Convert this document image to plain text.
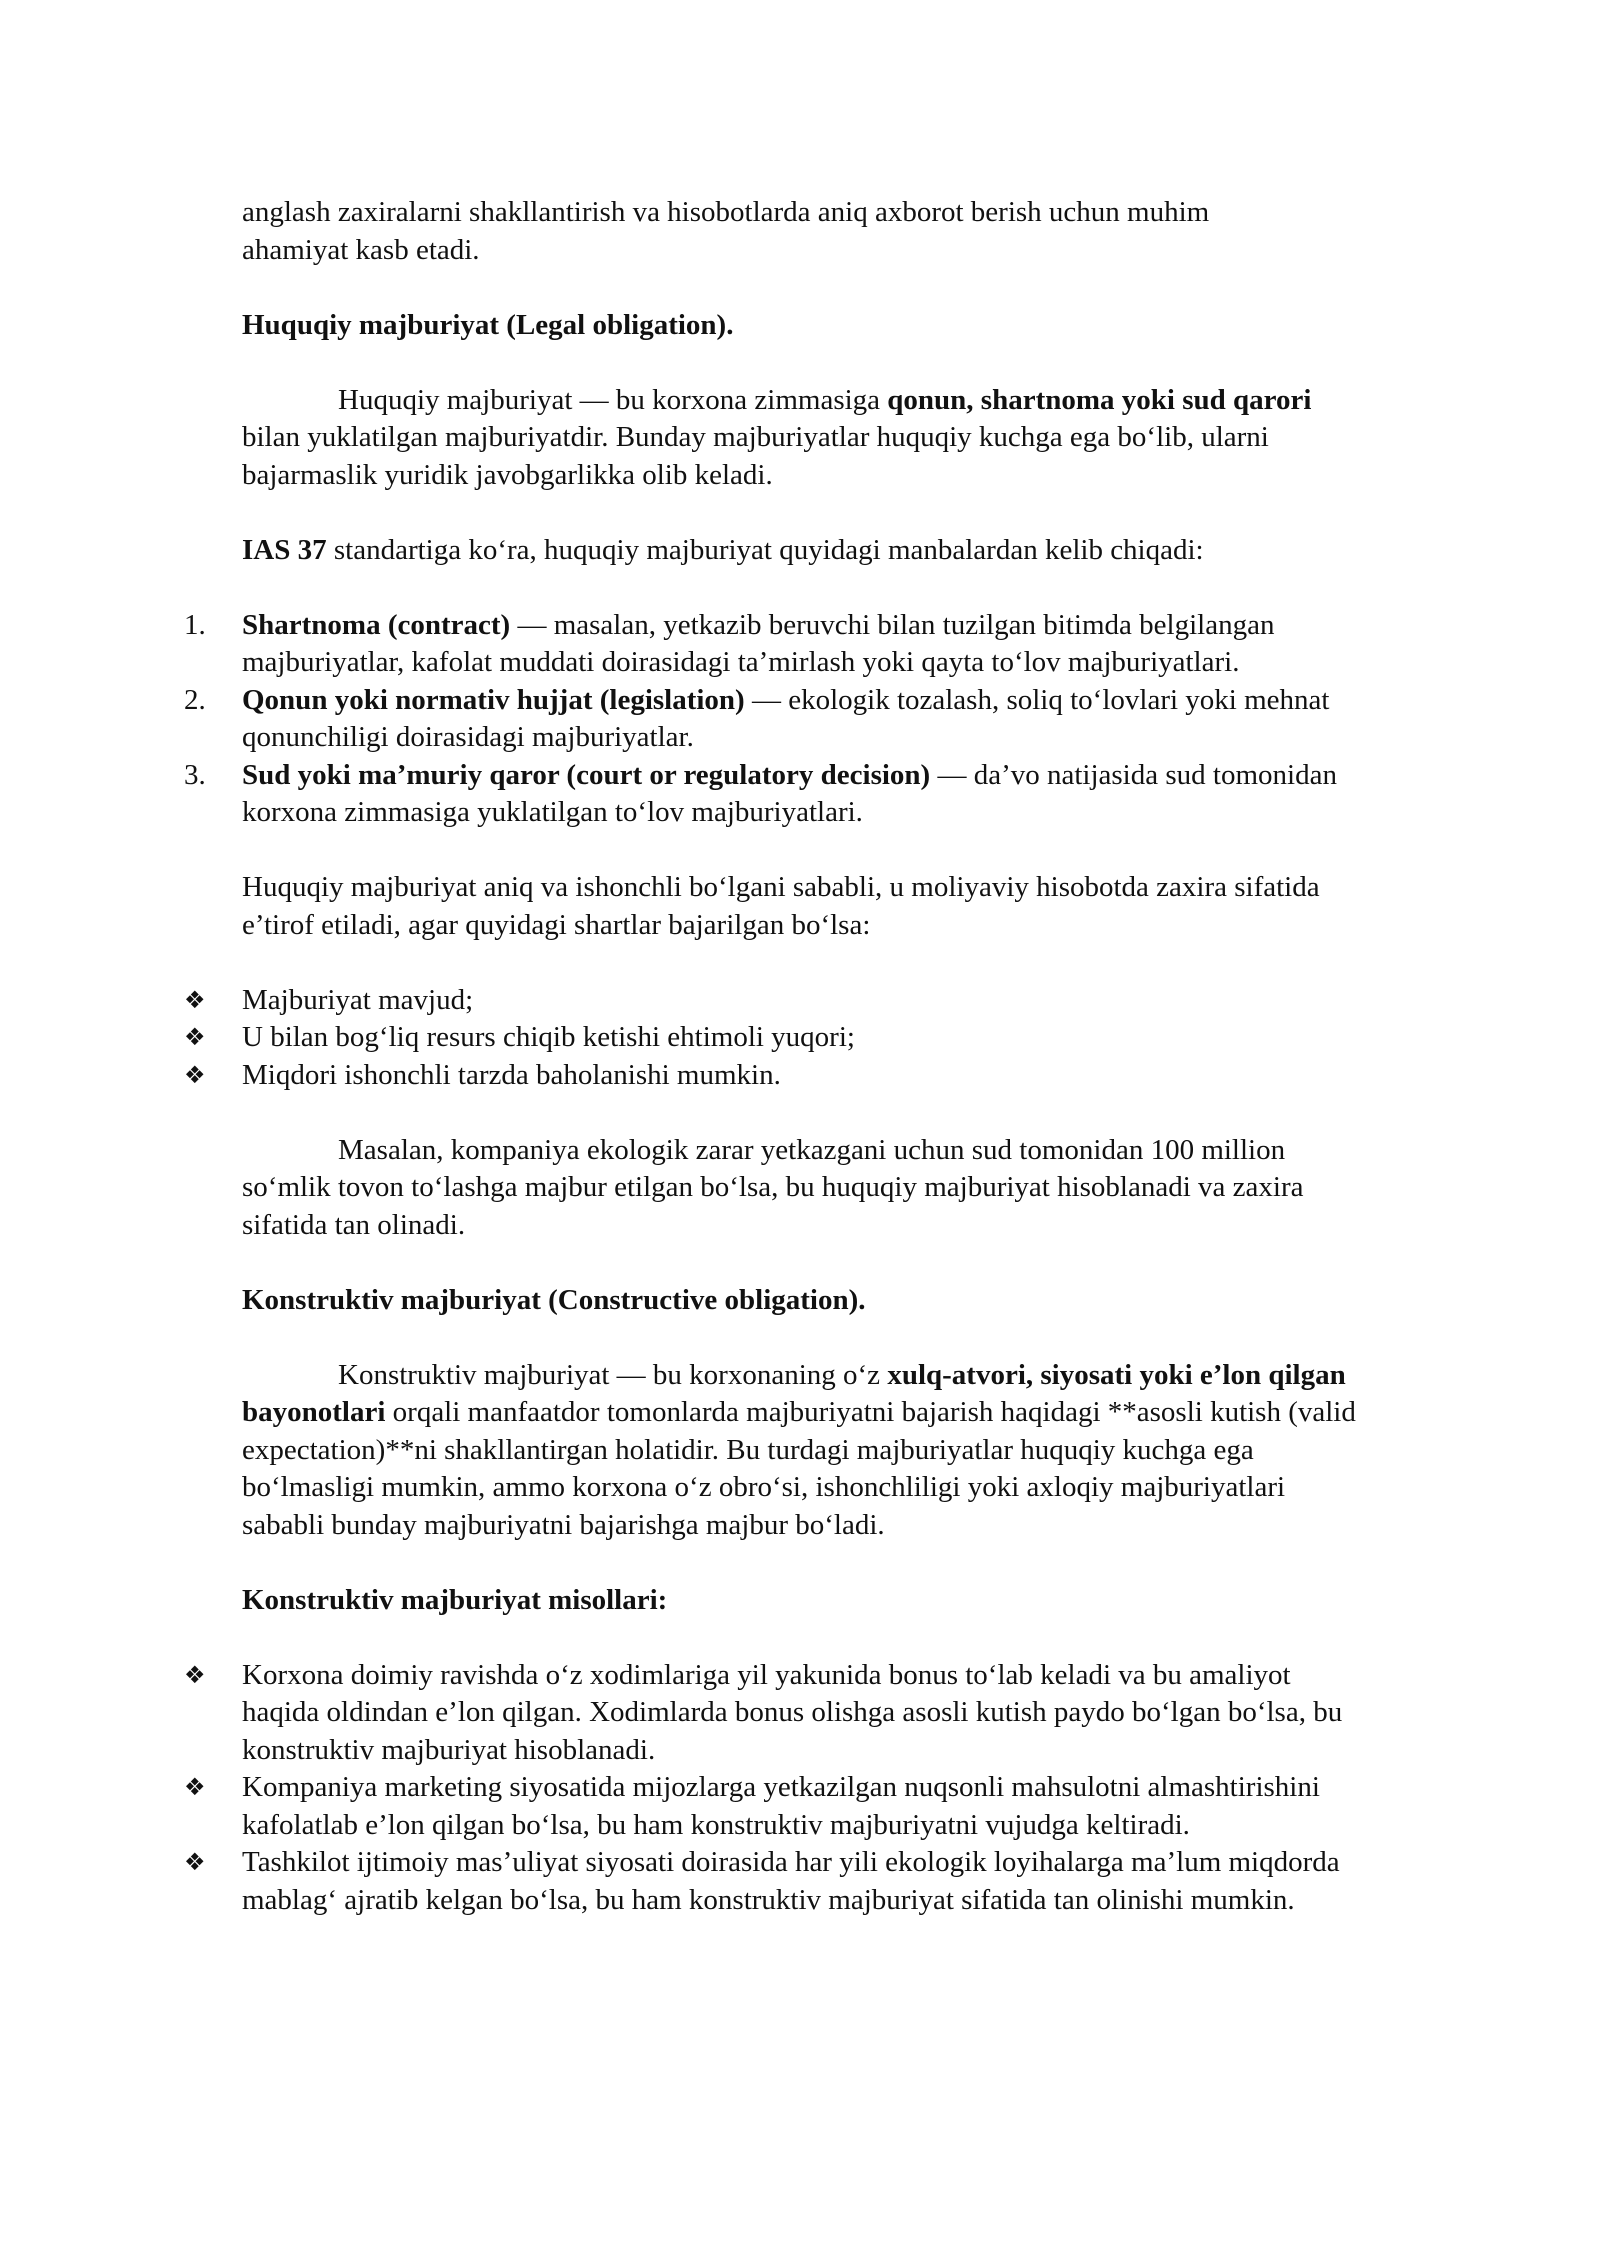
anglash zaxiralarni shakllantirish va hisobotlarda aniq axborot berish uchun muhim
ahamiyat kasb etadi.

Huquqiy majburiyat (Legal obligation).

Huquqiy majburiyat — bu korxona zimmasiga qonun, shartnoma yoki sud qarori bilan yuklatilgan majburiyatdir. Bunday majburiyatlar huquqiy kuchga ega bo‘lib, ularni bajarmaslik yuridik javobgarlikka olib keladi.

IAS 37 standartiga ko‘ra, huquqiy majburiyat quyidagi manbalardan kelib chiqadi:

1.	Shartnoma (contract) — masalan, yetkazib beruvchi bilan tuzilgan bitimda belgilangan majburiyatlar, kafolat muddati doirasidagi ta’mirlash yoki qayta to‘lov majburiyatlari.
2.	Qonun yoki normativ hujjat (legislation) — ekologik tozalash, soliq to‘lovlari yoki mehnat qonunchiligi doirasidagi majburiyatlar.
3.	Sud yoki ma’muriy qaror (court or regulatory decision) — da’vo natijasida sud tomonidan korxona zimmasiga yuklatilgan to‘lov majburiyatlari.

Huquqiy majburiyat aniq va ishonchli bo‘lgani sababli, u moliyaviy hisobotda zaxira sifatida e’tirof etiladi, agar quyidagi shartlar bajarilgan bo‘lsa:

❖	Majburiyat mavjud;
❖	U bilan bog‘liq resurs chiqib ketishi ehtimoli yuqori;
❖	Miqdori ishonchli tarzda baholanishi mumkin.

Masalan, kompaniya ekologik zarar yetkazgani uchun sud tomonidan 100 million so‘mlik tovon to‘lashga majbur etilgan bo‘lsa, bu huquqiy majburiyat hisoblanadi va zaxira sifatida tan olinadi.

Konstruktiv majburiyat (Constructive obligation).

Konstruktiv majburiyat — bu korxonaning o‘z xulq-atvori, siyosati yoki e’lon qilgan bayonotlari orqali manfaatdor tomonlarda majburiyatni bajarish haqidagi **asosli kutish (valid expectation)**ni shakllantirgan holatidir. Bu turdagi majburiyatlar huquqiy kuchga ega bo‘lmasligi mumkin, ammo korxona o‘z obro‘si, ishonchliligi yoki axloqiy majburiyatlari sababli bunday majburiyatni bajarishga majbur bo‘ladi.

Konstruktiv majburiyat misollari:

❖	Korxona doimiy ravishda o‘z xodimlariga yil yakunida bonus to‘lab keladi va bu amaliyot haqida oldindan e’lon qilgan. Xodimlarda bonus olishga asosli kutish paydo bo‘lgan bo‘lsa, bu konstruktiv majburiyat hisoblanadi.
❖	Kompaniya marketing siyosatida mijozlarga yetkazilgan nuqsonli mahsulotni almashtirishini kafolatlab e’lon qilgan bo‘lsa, bu ham konstruktiv majburiyatni vujudga keltiradi.
❖	Tashkilot ijtimoiy mas’uliyat siyosati doirasida har yili ekologik loyihalarga ma’lum miqdorda mablag‘ ajratib kelgan bo‘lsa, bu ham konstruktiv majburiyat sifatida tan olinishi mumkin.
